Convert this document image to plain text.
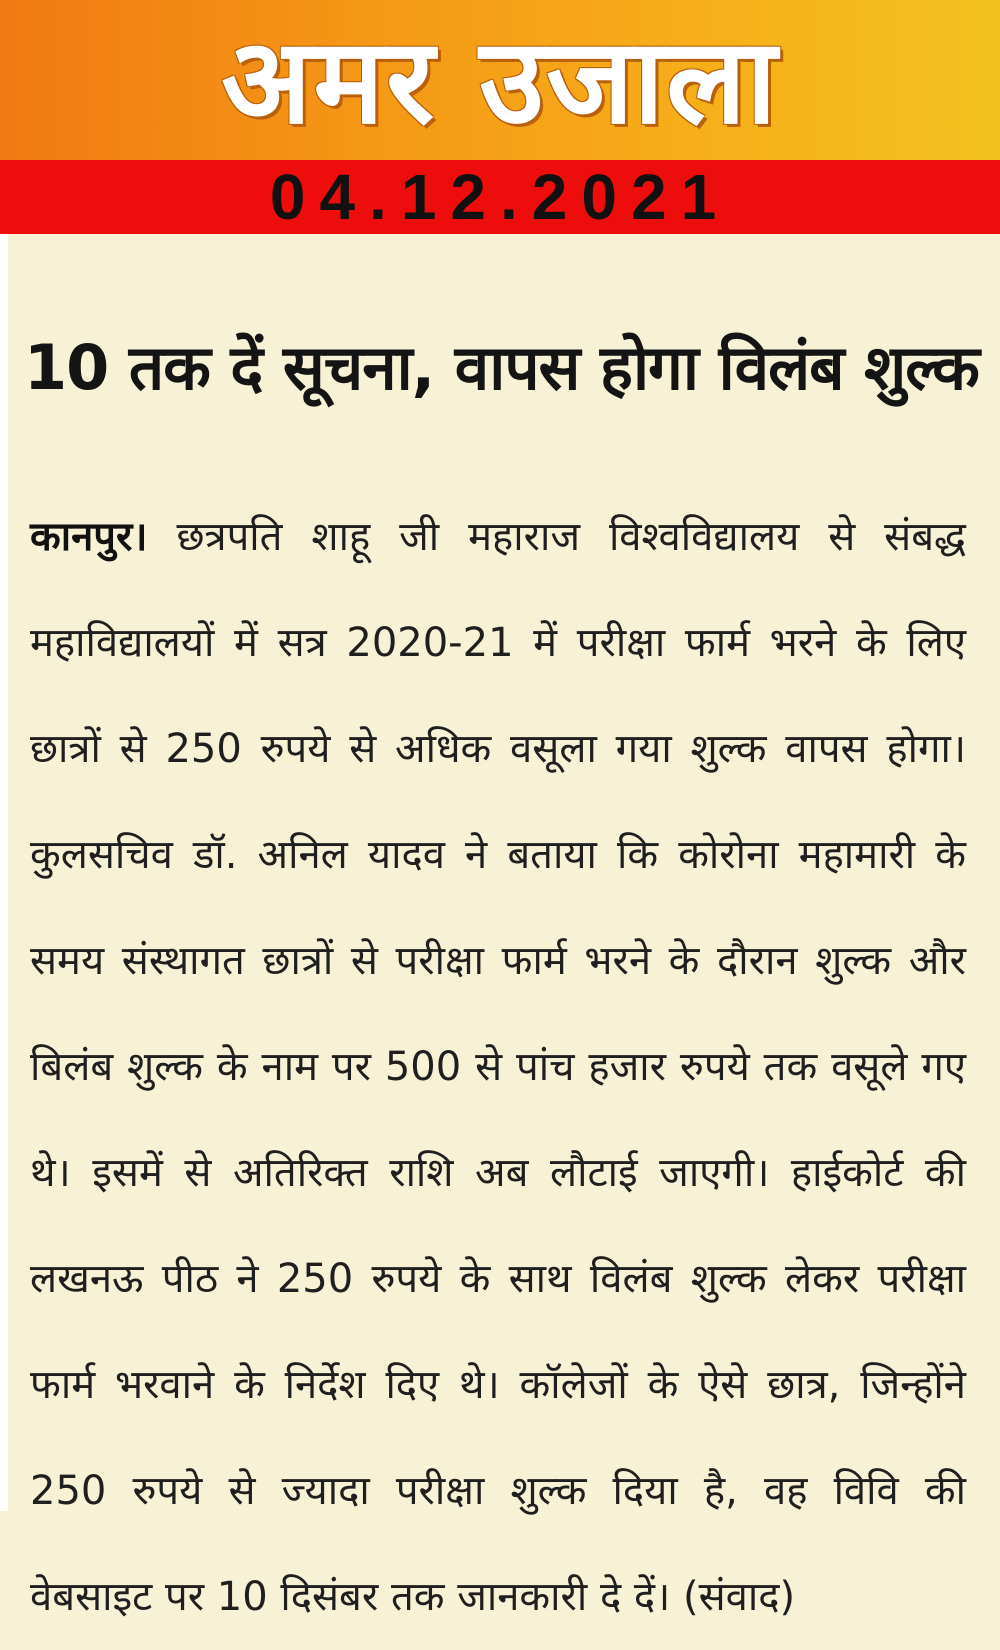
अमर उजाला
04.12.2021
10 तक दें सूचना, वापस होगा विलंब शुल्क
कानपुर। छत्रपति शाहू जी महाराज विश्वविद्यालय से संबद्ध महाविद्यालयों में सत्र 2020-21 में परीक्षा फार्म भरने के लिए छात्रों से 250 रुपये से अधिक वसूला गया शुल्क वापस होगा। कुलसचिव डॉ. अनिल यादव ने बताया कि कोरोना महामारी के समय संस्थागत छात्रों से परीक्षा फार्म भरने के दौरान शुल्क और बिलंब शुल्क के नाम पर 500 से पांच हजार रुपये तक वसूले गए थे। इसमें से अतिरिक्त राशि अब लौटाई जाएगी। हाईकोर्ट की लखनऊ पीठ ने 250 रुपये के साथ विलंब शुल्क लेकर परीक्षा फार्म भरवाने के निर्देश दिए थे। कॉलेजों के ऐसे छात्र, जिन्होंने 250 रुपये से ज्यादा परीक्षा शुल्क दिया है, वह विवि की वेबसाइट पर 10 दिसंबर तक जानकारी दे दें। (संवाद)
